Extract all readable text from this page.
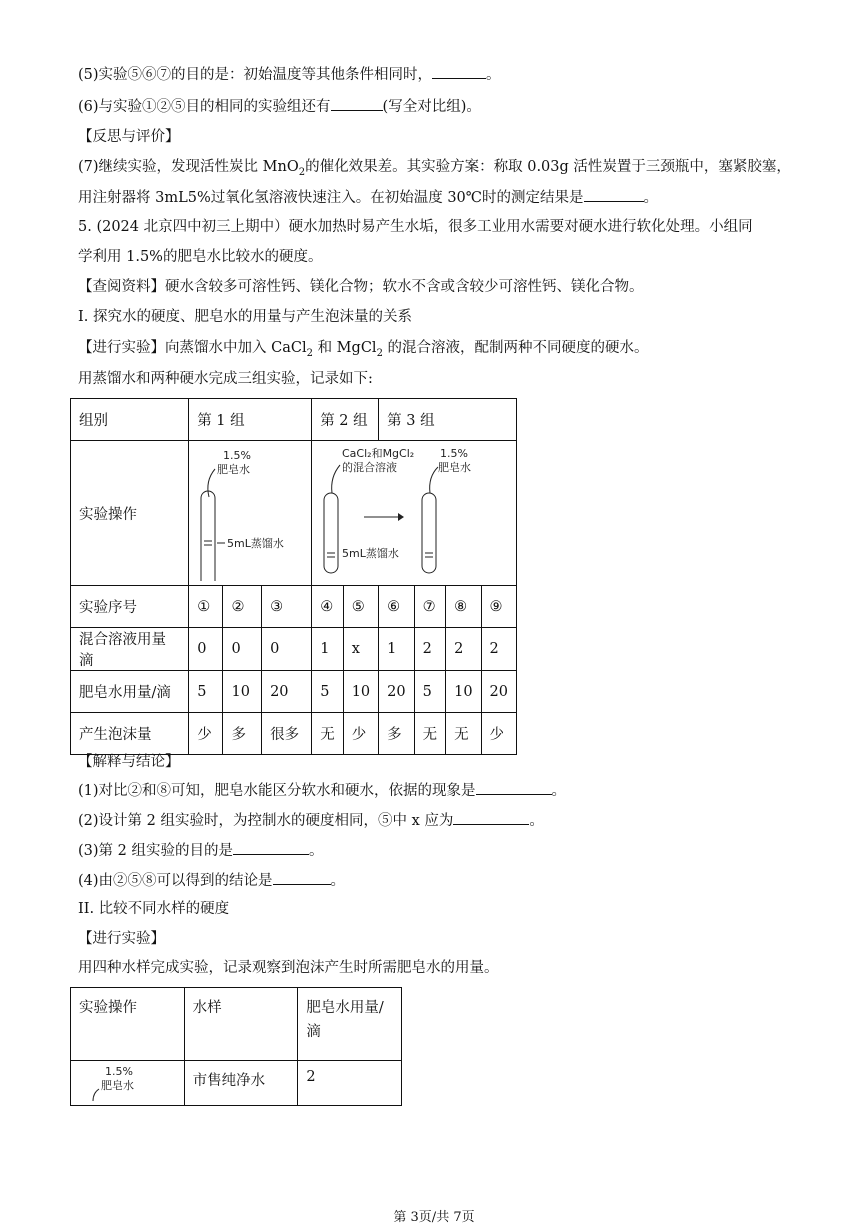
(5)实验⑤⑥⑦的目的是：初始温度等其他条件相同时，	。
(6)与实验①②⑤目的相同的实验组还有	(写全对比组)。
【反思与评价】
(7)继续实验，发现活性炭比 MnO$_2$的催化效果差。其实验方案：称取 0.03g 活性炭置于三颈瓶中，塞紧胶塞，
用注射器将 3mL5%过氧化氢溶液快速注入。在初始温度 30℃时的测定结果是	。
5. (2024 北京四中初三上期中）硬水加热时易产生水垢，很多工业用水需要对硬水进行软化处理。小组同
学利用 1.5%的肥皂水比较水的硬度。
【查阅资料】硬水含较多可溶性钙、镁化合物；软水不含或含较少可溶性钙、镁化合物。
I. 探究水的硬度、肥皂水的用量与产生泡沫量的关系
【进行实验】向蒸馏水中加入 CaCl$_2$ 和 MgCl$_2$ 的混合溶液，配制两种不同硬度的硬水。
用蒸馏水和两种硬水完成三组实验，记录如下:
组别	第 1 组			第 2 组		第 3 组			
实验操作	1.5%
肥皂水
5mL蒸馏水			CaCl₂和MgCl₂
的混合溶液
1.5%
肥皂水
5mL蒸馏水					

实验序号	①	②	③	④	⑤	⑥	⑦	⑧	⑨
混合溶液用量滴	0	0	0	1	x	1	2	2	2
肥皂水用量/滴	5	10	20	5	10	20	5	10	20
产生泡沫量	少	多	很多	无	少	多	无	无	少
【解释与结论】
(1)对比②和⑧可知，肥皂水能区分软水和硬水，依据的现象是	。
(2)设计第 2 组实验时，为控制水的硬度相同，⑤中 x 应为	。
(3)第 2 组实验的目的是	。
(4)由②⑤⑧可以得到的结论是	。
II. 比较不同水样的硬度
【进行实验】
用四种水样完成实验，记录观察到泡沫产生时所需肥皂水的用量。
实验操作	水样	肥皂水用量/滴

1.5%
肥皂水	市售纯净水	2
第 3页/共 7页
